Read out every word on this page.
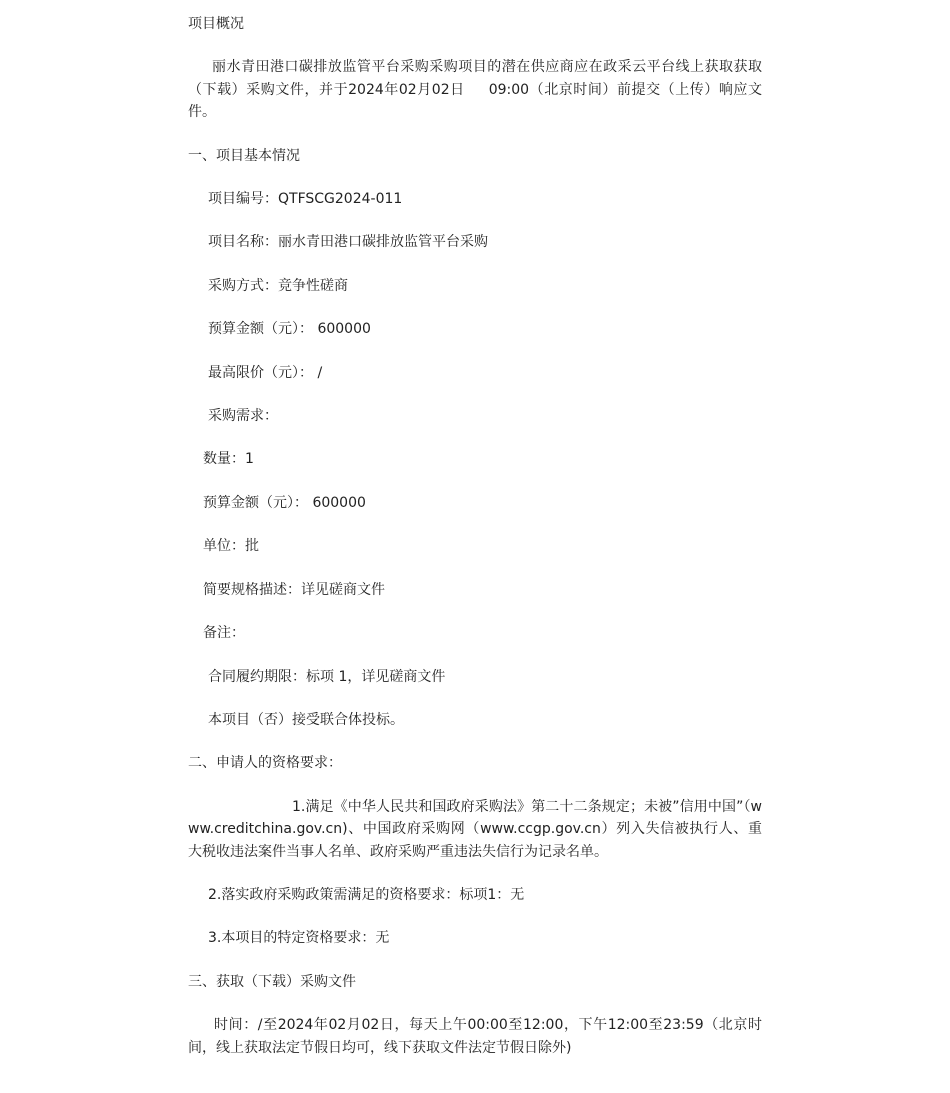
项目概况
丽水青田港口碳排放监管平台采购采购项目的潜在供应商应在政采云平台线上获取获取（下载）采购文件，并于2024年02月02日 09:00（北京时间）前提交（上传）响应文件。
一、项目基本情况
项目编号：QTFSCG2024-011
项目名称：丽水青田港口碳排放监管平台采购
采购方式：竞争性磋商
预算金额（元）： 600000
最高限价（元）： /
采购需求：
数量：1
预算金额（元）： 600000
单位：批
简要规格描述：详见磋商文件
备注：
合同履约期限：标项 1，详见磋商文件
本项目（否）接受联合体投标。
二、申请人的资格要求：
1.满足《中华人民共和国政府采购法》第二十二条规定；未被”信用中国”（www.creditchina.gov.cn)、中国政府采购网（www.ccgp.gov.cn）列入失信被执行人、重大税收违法案件当事人名单、政府采购严重违法失信行为记录名单。
2.落实政府采购政策需满足的资格要求：标项1：无
3.本项目的特定资格要求：无
三、获取（下载）采购文件
时间：/至2024年02月02日，每天上午00:00至12:00，下午12:00至23:59（北京时间，线上获取法定节假日均可，线下获取文件法定节假日除外)
